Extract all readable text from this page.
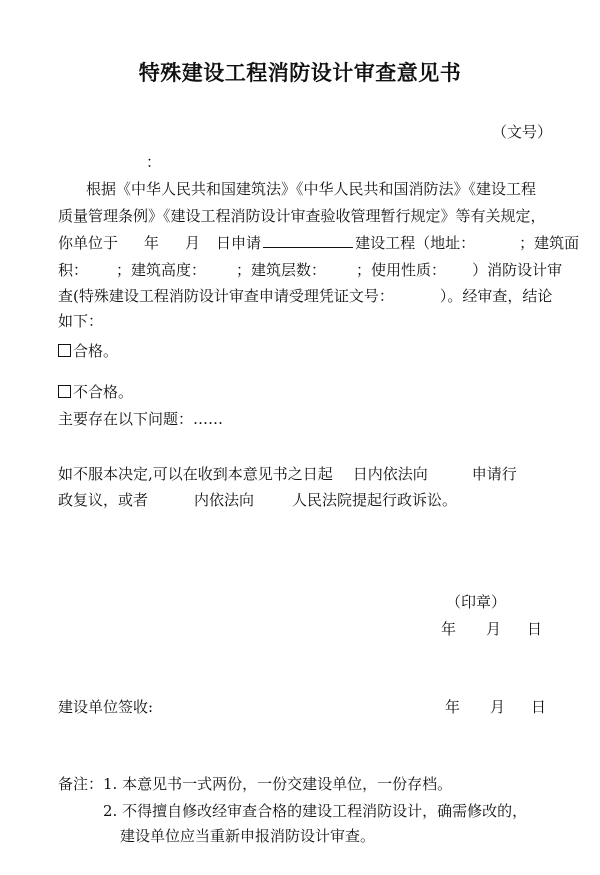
特殊建设工程消防设计审查意见书
（文号）
：
根据《中华人民共和国建筑法》《中华人民共和国消防法》《建设工程
质量管理条例》《建设工程消防设计审查验收管理暂行规定》等有关规定，
你单位于 年 月 日申请	建设工程（地址：	；建筑面
积： ；建筑高度： ；建筑层数： ；使用性质： ）消防设计审
查(特殊建设工程消防设计审查申请受理凭证文号：	）。经审查，结论
如下：
合格。
不合格。
主要存在以下问题：……
如不服本决定,可以在收到本意见书之日起 日内依法向	申请行
政复议，或者	内依法向	人民法院提起行政诉讼。
（印章）
年 月 日
建设单位签收:	年 月 日
备注：1. 本意见书一式两份，一份交建设单位，一份存档。
2. 不得擅自修改经审查合格的建设工程消防设计，确需修改的，
建设单位应当重新申报消防设计审查。
